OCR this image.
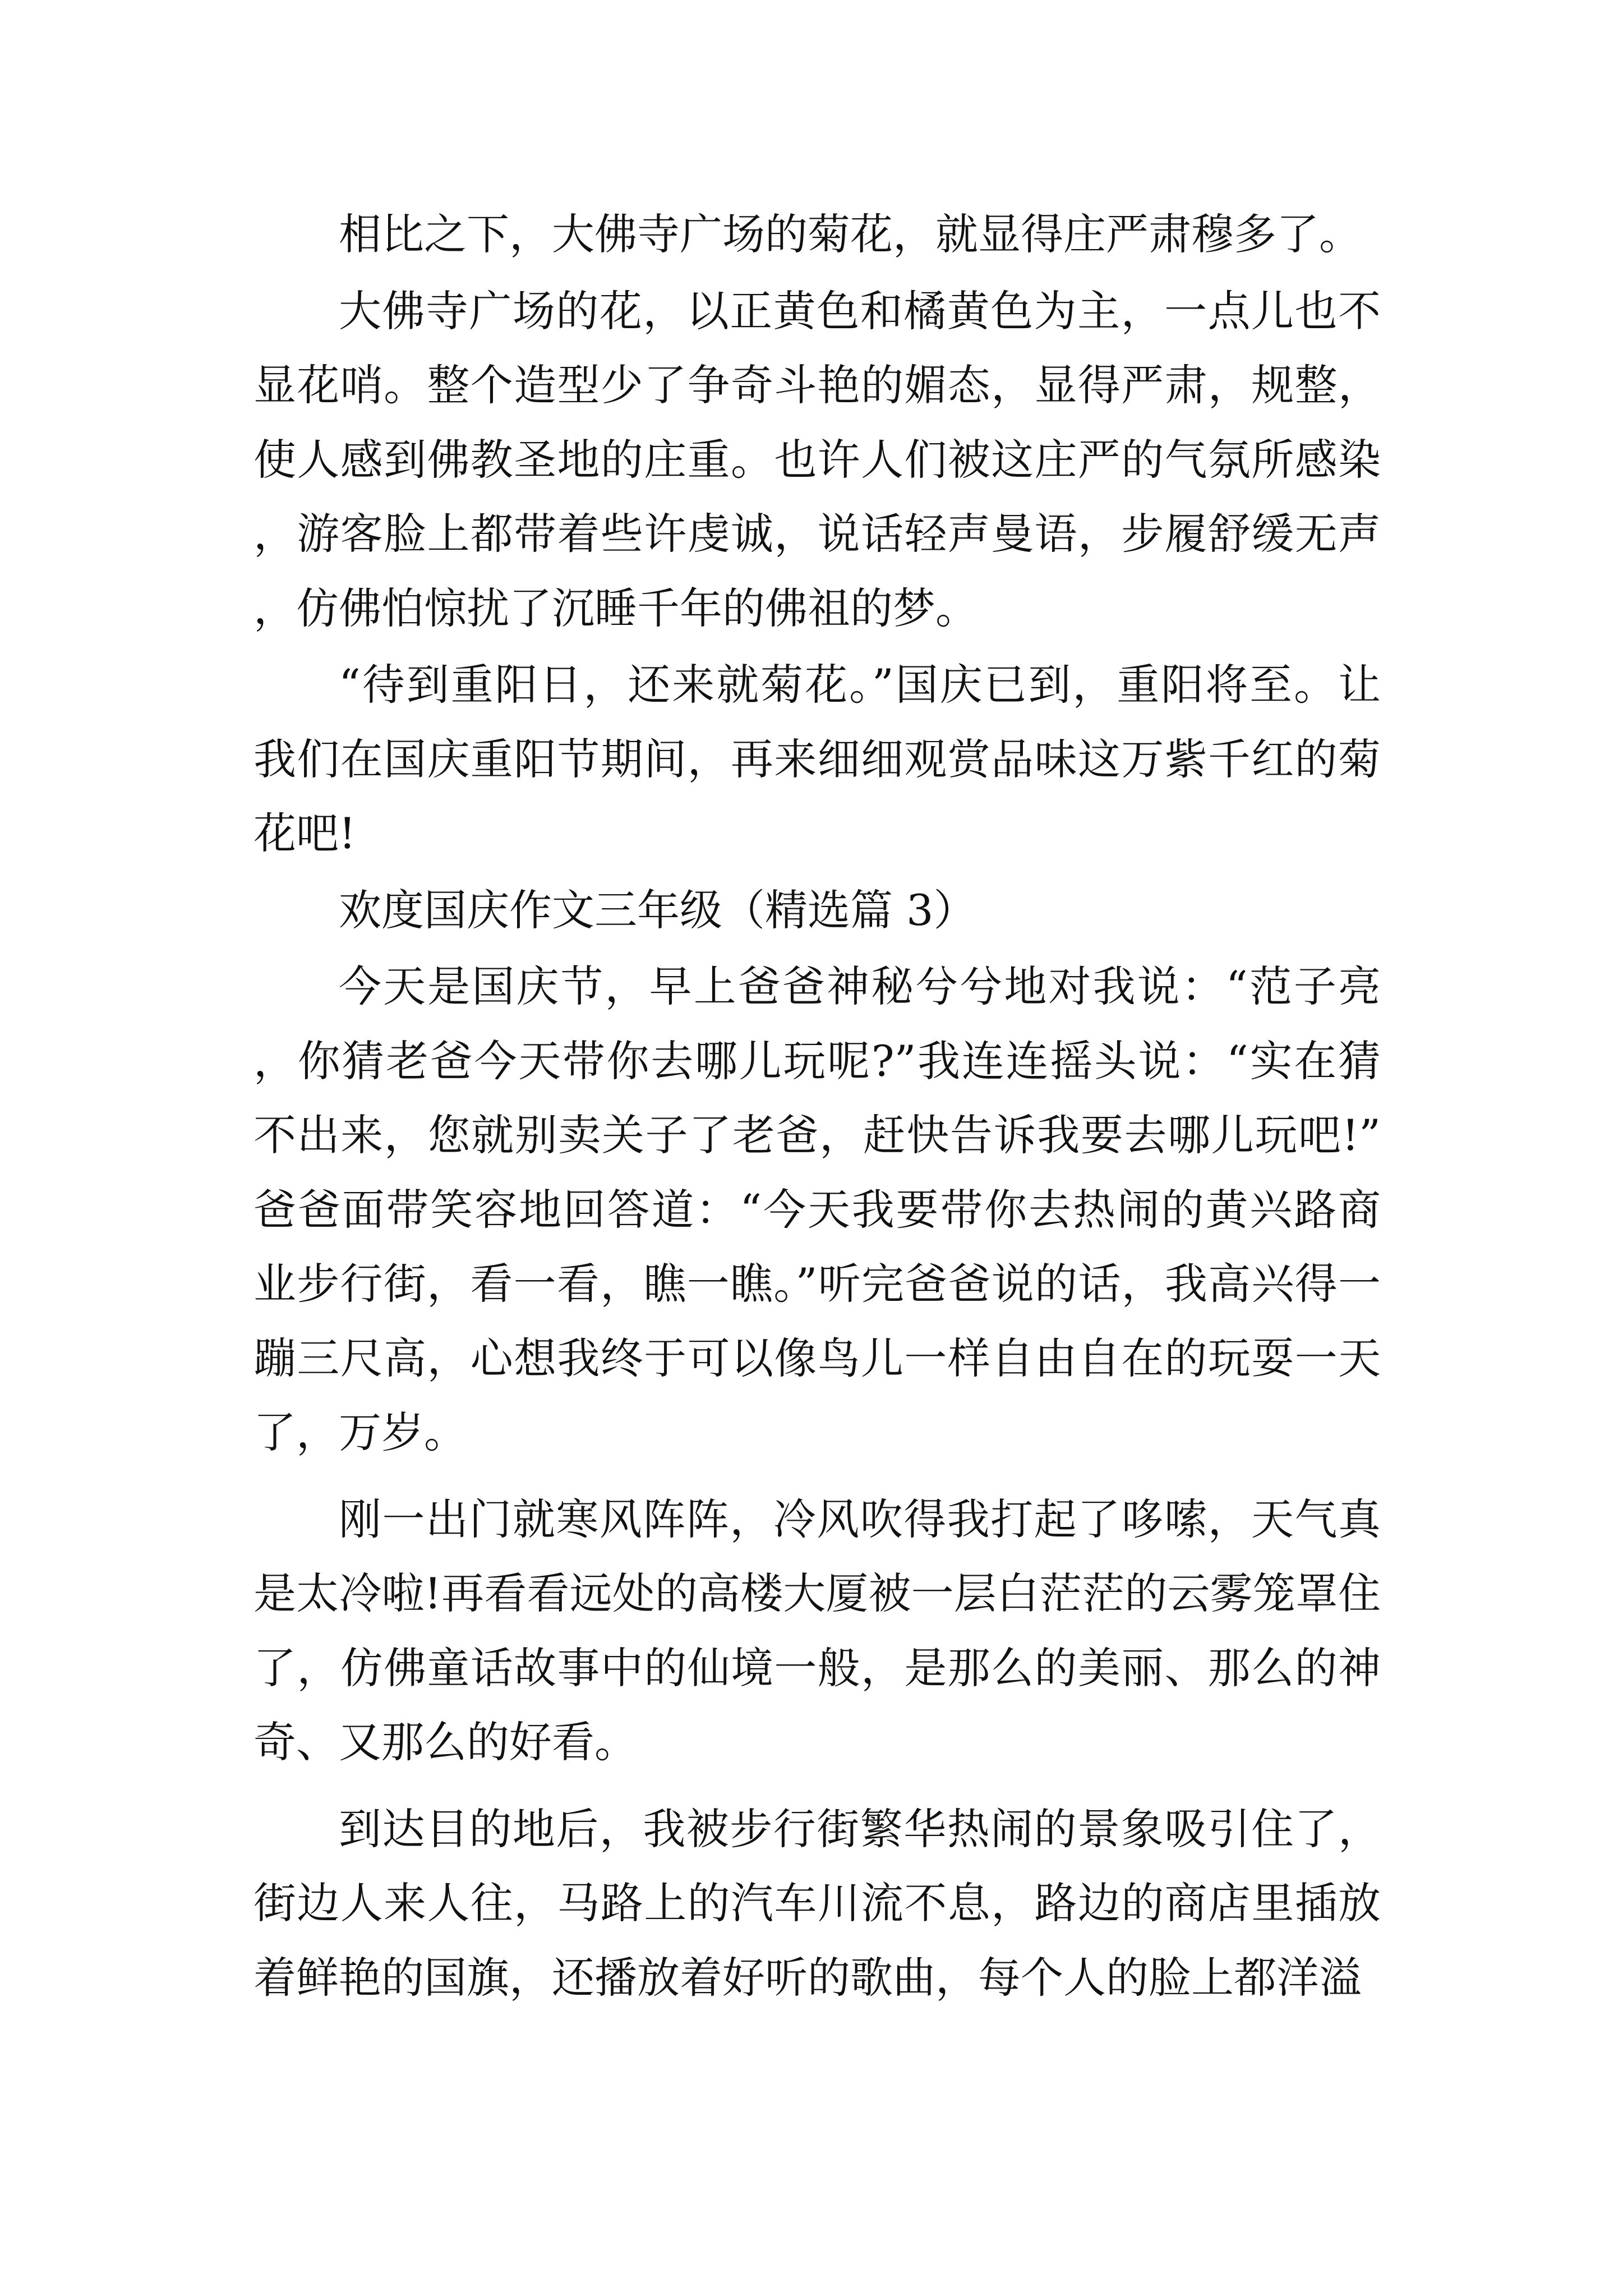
相比之下，大佛寺广场的菊花，就显得庄严肃穆多了。

大佛寺广场的花，以正黄色和橘黄色为主，一点儿也不显花哨。整个造型少了争奇斗艳的媚态，显得严肃，规整，使人感到佛教圣地的庄重。也许人们被这庄严的气氛所感染，游客脸上都带着些许虔诚，说话轻声曼语，步履舒缓无声，仿佛怕惊扰了沉睡千年的佛祖的梦。

“待到重阳日，还来就菊花。”国庆已到，重阳将至。让我们在国庆重阳节期间，再来细细观赏品味这万紫千红的菊花吧!

欢度国庆作文三年级（精选篇 3）

今天是国庆节，早上爸爸神秘兮兮地对我说：“范子亮，你猜老爸今天带你去哪儿玩呢?”我连连摇头说：“实在猜不出来，您就别卖关子了老爸，赶快告诉我要去哪儿玩吧!”爸爸面带笑容地回答道：“今天我要带你去热闹的黄兴路商业步行街，看一看，瞧一瞧。”听完爸爸说的话，我高兴得一蹦三尺高，心想我终于可以像鸟儿一样自由自在的玩耍一天了，万岁。

刚一出门就寒风阵阵，冷风吹得我打起了哆嗦，天气真是太冷啦!再看看远处的高楼大厦被一层白茫茫的云雾笼罩住了，仿佛童话故事中的仙境一般，是那么的美丽、那么的神奇、又那么的好看。

到达目的地后，我被步行街繁华热闹的景象吸引住了，街边人来人往，马路上的汽车川流不息，路边的商店里插放着鲜艳的国旗，还播放着好听的歌曲，每个人的脸上都洋溢
